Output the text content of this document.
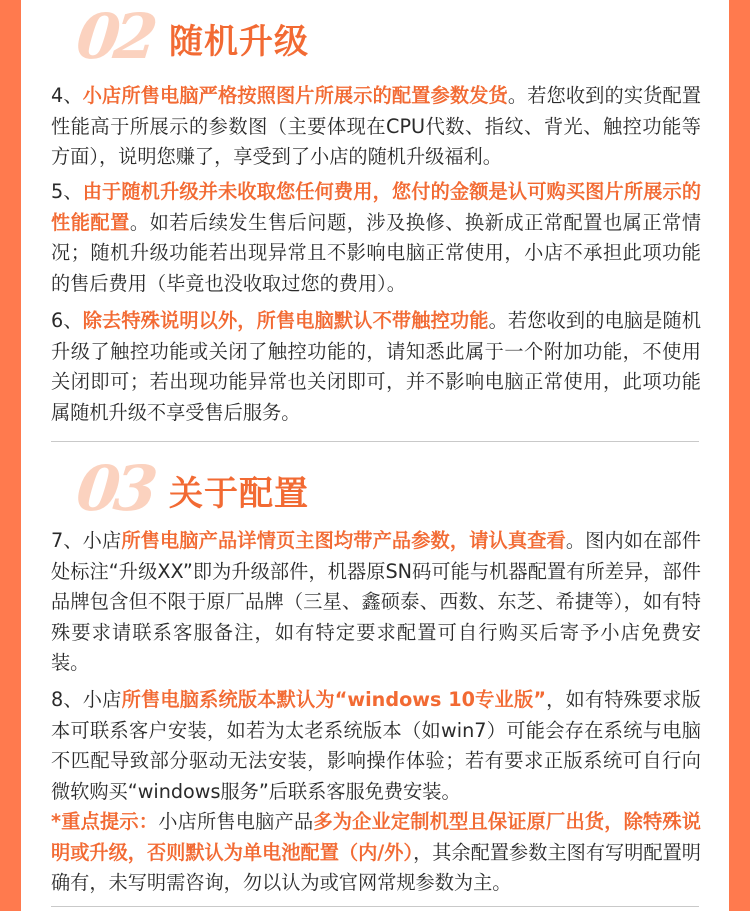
02 随机升级

4、小店所售电脑严格按照图片所展示的配置参数发货。若您收到的实货配置性能高于所展示的参数图（主要体现在CPU代数、指纹、背光、触控功能等方面），说明您赚了，享受到了小店的随机升级福利。

5、由于随机升级并未收取您任何费用，您付的金额是认可购买图片所展示的性能配置。如若后续发生售后问题，涉及换修、换新成正常配置也属正常情况；随机升级功能若出现异常且不影响电脑正常使用，小店不承担此项功能的售后费用（毕竟也没收取过您的费用）。

6、除去特殊说明以外，所售电脑默认不带触控功能。若您收到的电脑是随机升级了触控功能或关闭了触控功能的，请知悉此属于一个附加功能，不使用关闭即可；若出现功能异常也关闭即可，并不影响电脑正常使用，此项功能属随机升级不享受售后服务。

03 关于配置

7、小店所售电脑产品详情页主图均带产品参数，请认真查看。图内如在部件处标注“升级XX”即为升级部件，机器原SN码可能与机器配置有所差异，部件品牌包含但不限于原厂品牌（三星、鑫硕泰、西数、东芝、希捷等），如有特殊要求请联系客服备注，如有特定要求配置可自行购买后寄予小店免费安装。

8、小店所售电脑系统版本默认为“windows 10专业版”，如有特殊要求版本可联系客户安装，如若为太老系统版本（如win7）可能会存在系统与电脑不匹配导致部分驱动无法安装，影响操作体验；若有要求正版系统可自行向微软购买“windows服务”后联系客服免费安装。
*重点提示：小店所售电脑产品多为企业定制机型且保证原厂出货，除特殊说明或升级，否则默认为单电池配置（内/外），其余配置参数主图有写明配置明确有，未写明需咨询，勿以认为或官网常规参数为主。
